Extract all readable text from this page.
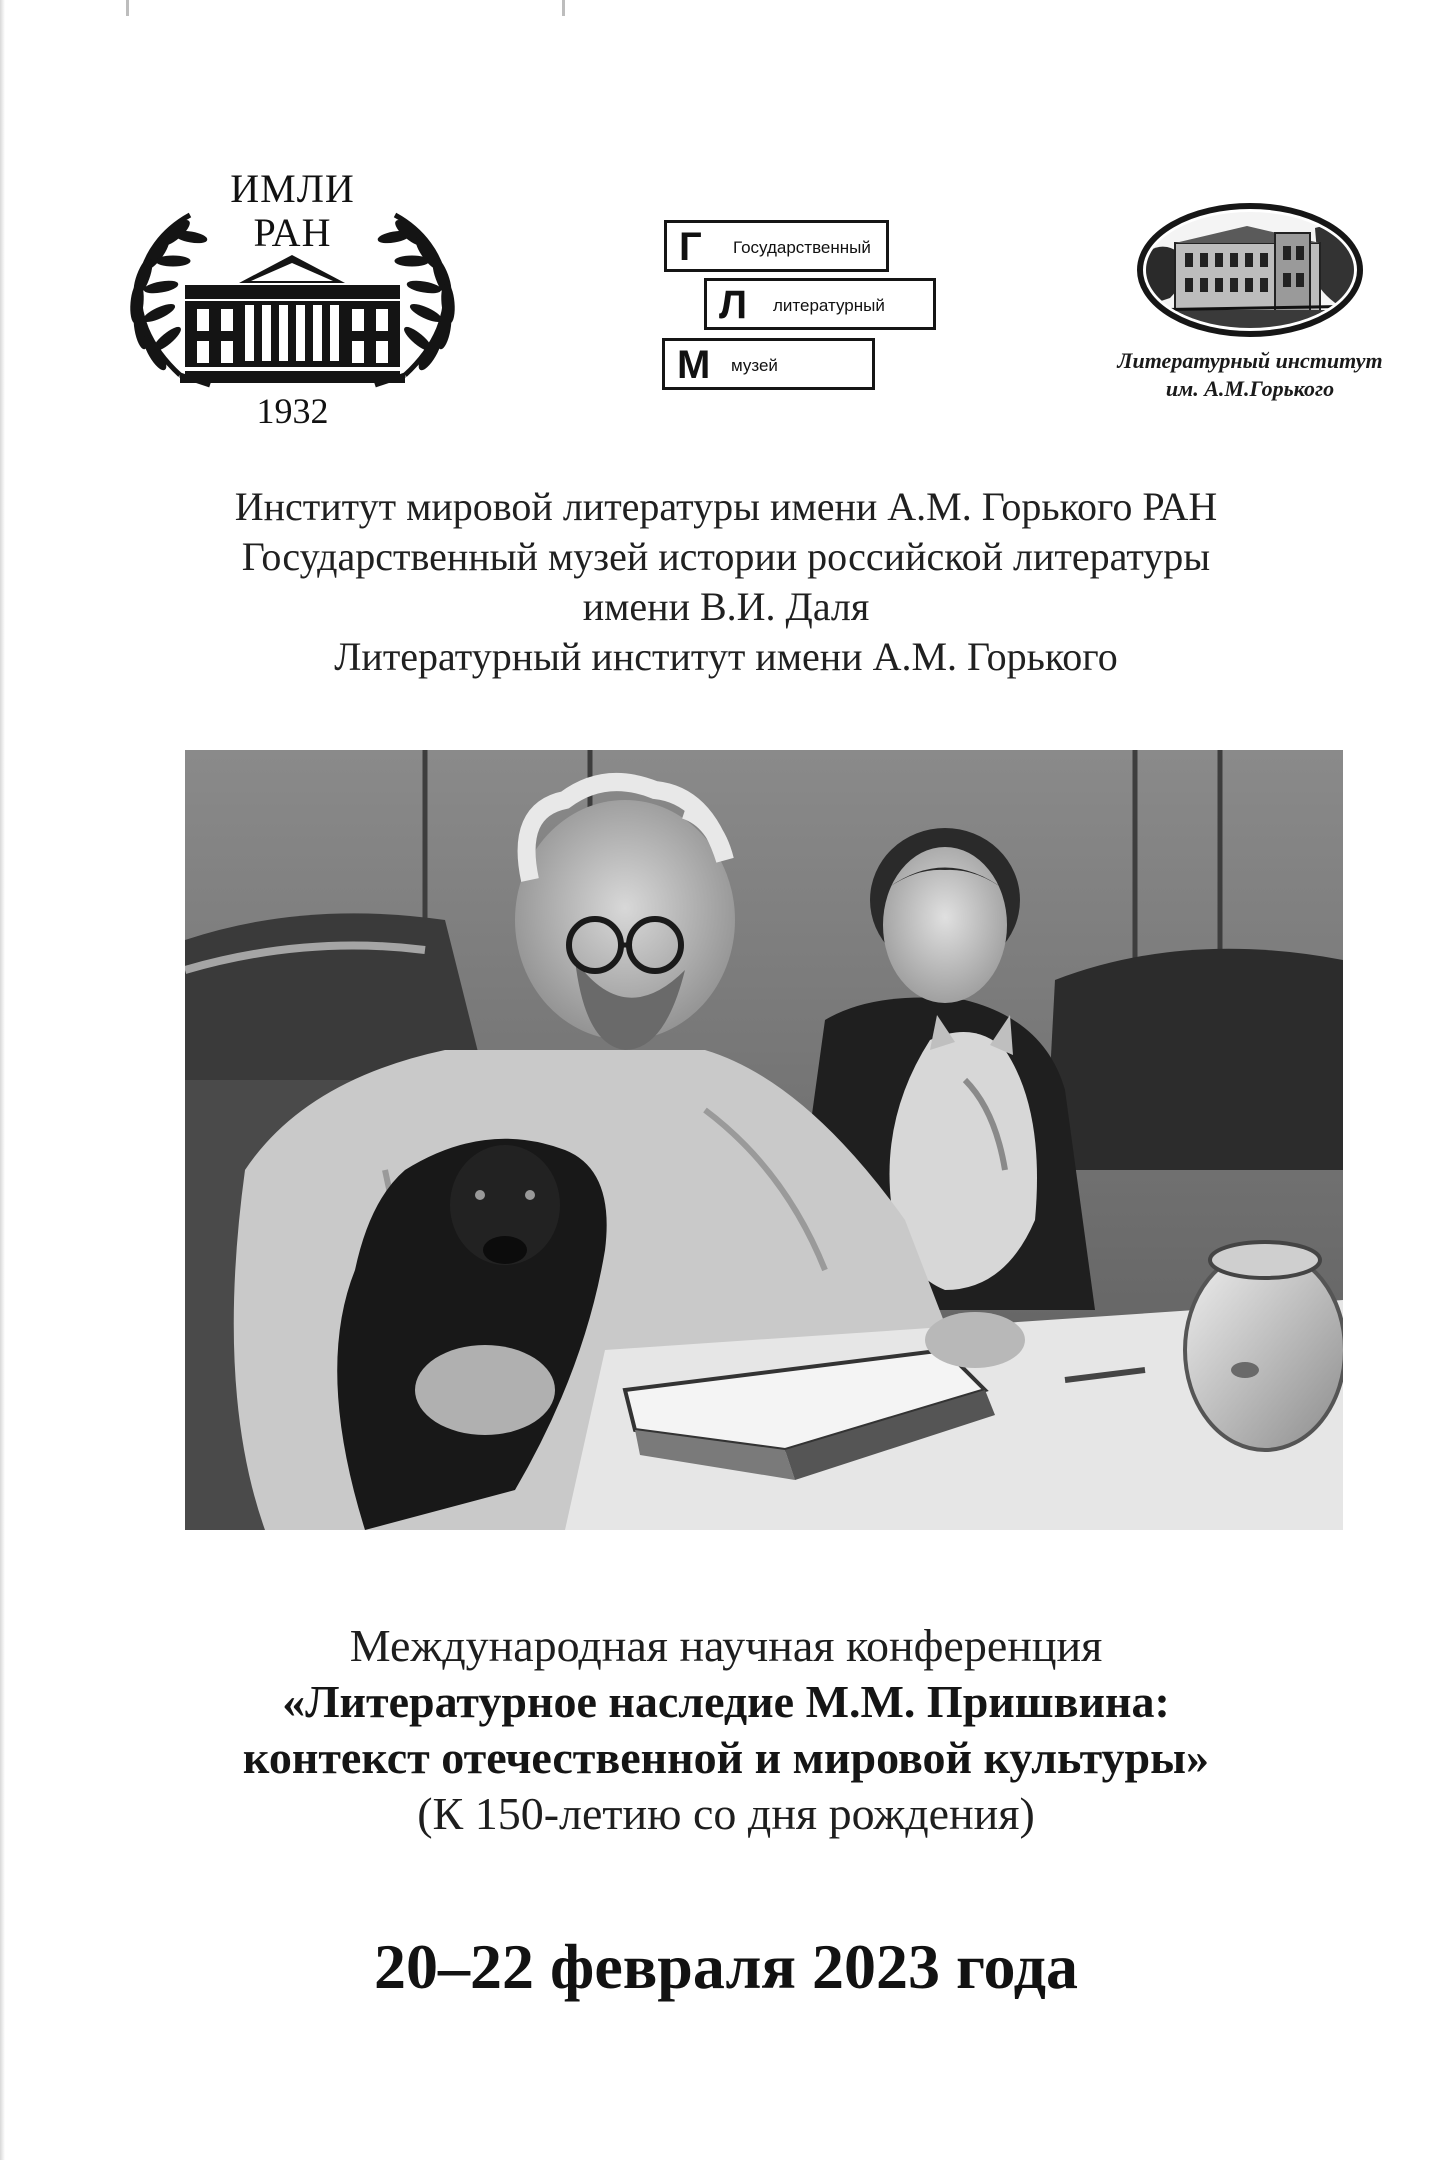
ИМЛИ
РАН
1932
Г Государственный
Л литературный
М музей	Литературный институт
им. А.М.Горького
Институт мировой литературы имени А.М. Горького РАН
Государственный музей истории российской литературы
имени В.И. Даля
Литературный институт имени А.М. Горького
Международная научная конференция
«Литературное наследие М.М. Пришвина:
контекст отечественной и мировой культуры»
(К 150-летию со дня рождения)
20–22 февраля 2023 года
